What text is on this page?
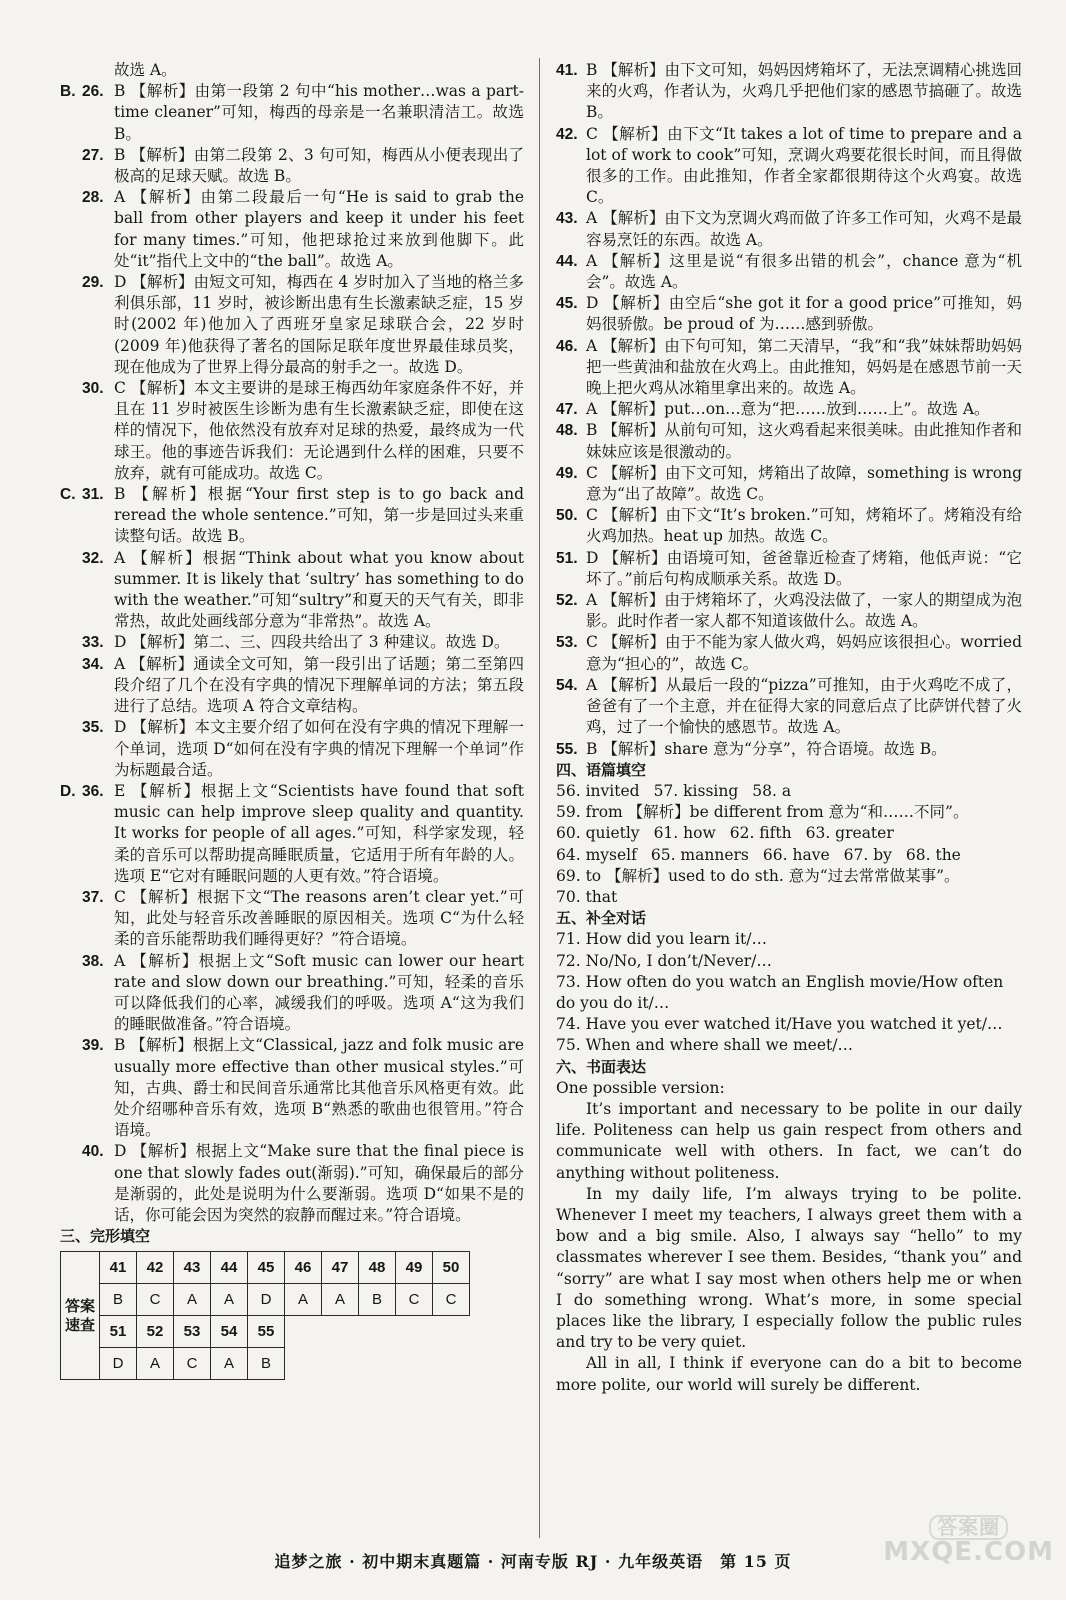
故选 A。

B. 26. B 【解析】由第一段第 2 句中“his mother…was a part-time cleaner”可知，梅西的母亲是一名兼职清洁工。故选 B。

27. B 【解析】由第二段第 2、3 句可知，梅西从小便表现出了极高的足球天赋。故选 B。

28. A 【解析】由第二段最后一句“He is said to grab the ball from other players and keep it under his feet for many times.”可知，他把球抢过来放到他脚下。此处“it”指代上文中的“the ball”。故选 A。

29. D 【解析】由短文可知，梅西在 4 岁时加入了当地的格兰多利俱乐部，11 岁时，被诊断出患有生长激素缺乏症，15 岁时(2002 年)他加入了西班牙皇家足球联合会，22 岁时(2009 年)他获得了著名的国际足联年度世界最佳球员奖，现在他成为了世界上得分最高的射手之一。故选 D。

30. C 【解析】本文主要讲的是球王梅西幼年家庭条件不好，并且在 11 岁时被医生诊断为患有生长激素缺乏症，即使在这样的情况下，他依然没有放弃对足球的热爱，最终成为一代球王。他的事迹告诉我们：无论遇到什么样的困难，只要不放弃，就有可能成功。故选 C。

C. 31. B 【解析】根据“Your first step is to go back and reread the whole sentence.”可知，第一步是回过头来重读整句话。故选 B。

32. A 【解析】根据“Think about what you know about summer. It is likely that ‘sultry’ has something to do with the weather.”可知“sultry”和夏天的天气有关，即非常热，故此处画线部分意为“非常热”。故选 A。

33. D 【解析】第二、三、四段共给出了 3 种建议。故选 D。

34. A 【解析】通读全文可知，第一段引出了话题；第二至第四段介绍了几个在没有字典的情况下理解单词的方法；第五段进行了总结。选项 A 符合文章结构。

35. D 【解析】本文主要介绍了如何在没有字典的情况下理解一个单词，选项 D“如何在没有字典的情况下理解一个单词”作为标题最合适。

D. 36. E 【解析】根据上文“Scientists have found that soft music can help improve sleep quality and quantity. It works for people of all ages.”可知，科学家发现，轻柔的音乐可以帮助提高睡眠质量，它适用于所有年龄的人。选项 E“它对有睡眠问题的人更有效。”符合语境。

37. C 【解析】根据下文“The reasons aren’t clear yet.”可知，此处与轻音乐改善睡眠的原因相关。选项 C“为什么轻柔的音乐能帮助我们睡得更好？”符合语境。

38. A 【解析】根据上文“Soft music can lower our heart rate and slow down our breathing.”可知，轻柔的音乐可以降低我们的心率，减缓我们的呼吸。选项 A“这为我们的睡眠做准备。”符合语境。

39. B 【解析】根据上文“Classical, jazz and folk music are usually more effective than other musical styles.”可知，古典、爵士和民间音乐通常比其他音乐风格更有效。此处介绍哪种音乐有效，选项 B“熟悉的歌曲也很管用。”符合语境。

40. D 【解析】根据上文“Make sure that the final piece is one that slowly fades out(渐弱).”可知，确保最后的部分是渐弱的，此处是说明为什么要渐弱。选项 D“如果不是的话，你可能会因为突然的寂静而醒过来。”符合语境。

三、完形填空

答案速查	41	42	43	44	45	46	47	48	49	50
	B	C	A	A	D	A	A	B	C	C
	51	52	53	54	55					
	D	A	C	A	B					

41. B 【解析】由下文可知，妈妈因烤箱坏了，无法烹调精心挑选回来的火鸡，作者认为，火鸡几乎把他们家的感恩节搞砸了。故选 B。

42. C 【解析】由下文“It takes a lot of time to prepare and a lot of work to cook”可知，烹调火鸡要花很长时间，而且得做很多的工作。由此推知，作者全家都很期待这个火鸡宴。故选 C。

43. A 【解析】由下文为烹调火鸡而做了许多工作可知，火鸡不是最容易烹饪的东西。故选 A。

44. A 【解析】这里是说“有很多出错的机会”，chance 意为“机会”。故选 A。

45. D 【解析】由空后“she got it for a good price”可推知，妈妈很骄傲。be proud of 为……感到骄傲。

46. A 【解析】由下句可知，第二天清早，“我”和“我”妹妹帮助妈妈把一些黄油和盐放在火鸡上。由此推知，妈妈是在感恩节前一天晚上把火鸡从冰箱里拿出来的。故选 A。

47. A 【解析】put…on…意为“把……放到……上”。故选 A。

48. B 【解析】从前句可知，这火鸡看起来很美味。由此推知作者和妹妹应该是很激动的。

49. C 【解析】由下文可知，烤箱出了故障，something is wrong 意为“出了故障”。故选 C。

50. C 【解析】由下文“It’s broken.”可知，烤箱坏了。烤箱没有给火鸡加热。heat up 加热。故选 C。

51. D 【解析】由语境可知，爸爸靠近检查了烤箱，他低声说：“它坏了。”前后句构成顺承关系。故选 D。

52. A 【解析】由于烤箱坏了，火鸡没法做了，一家人的期望成为泡影。此时作者一家人都不知道该做什么。故选 A。

53. C 【解析】由于不能为家人做火鸡，妈妈应该很担心。worried 意为“担心的”，故选 C。

54. A 【解析】从最后一段的“pizza”可推知，由于火鸡吃不成了，爸爸有了一个主意，并在征得大家的同意后点了比萨饼代替了火鸡，过了一个愉快的感恩节。故选 A。

55. B 【解析】share 意为“分享”，符合语境。故选 B。

四、语篇填空

56. invited 57. kissing 58. a

59. from 【解析】be different from 意为“和……不同”。

60. quietly 61. how 62. fifth 63. greater

64. myself 65. manners 66. have 67. by 68. the

69. to 【解析】used to do sth. 意为“过去常常做某事”。

70. that

五、补全对话

71. How did you learn it/…

72. No/No, I don’t/Never/…

73. How often do you watch an English movie/How often do you do it/…

74. Have you ever watched it/Have you watched it yet/…

75. When and where shall we meet/…

六、书面表达

One possible version:

It’s important and necessary to be polite in our daily life. Politeness can help us gain respect from others and communicate well with others. In fact, we can’t do anything without politeness.

In my daily life, I’m always trying to be polite. Whenever I meet my teachers, I always greet them with a bow and a big smile. Also, I always say “hello” to my classmates wherever I see them. Besides, “thank you” and “sorry” are what I say most when others help me or when I do something wrong. What’s more, in some special places like the library, I especially follow the public rules and try to be very quiet.

All in all, I think if everyone can do a bit to become more polite, our world will surely be different.

追梦之旅 · 初中期末真题篇 · 河南专版 RJ · 九年级英语　第 15 页
答案圈
MXQE.COM
